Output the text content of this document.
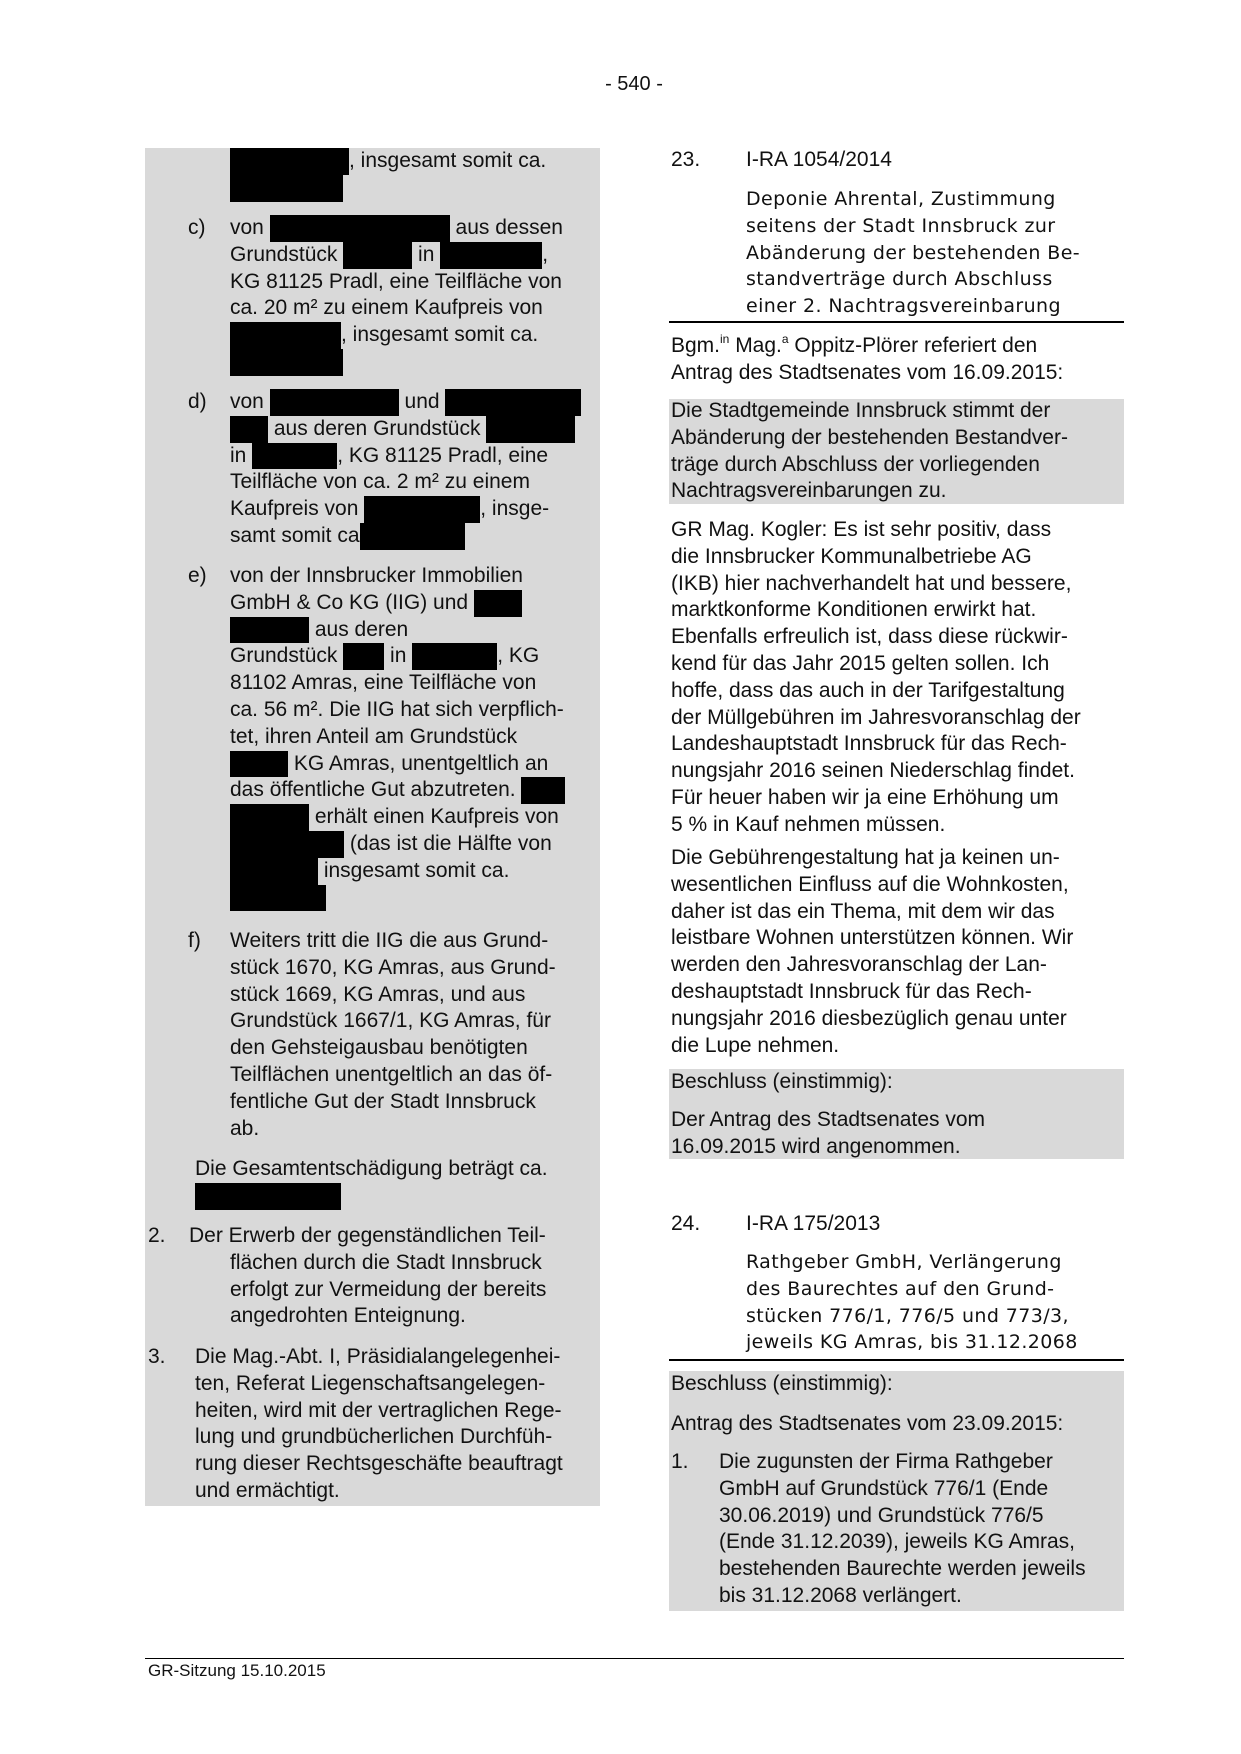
- 540 -
, insgesamt somit ca.
c) von	aus dessen
Grundstück	in	,
KG 81125 Pradl, eine Teilfläche von
ca. 20 m² zu einem Kaufpreis von
, insgesamt somit ca.
d) von	und
aus deren Grundstück
in	, KG 81125 Pradl, eine
Teilfläche von ca. 2 m² zu einem
Kaufpreis von	, insge-
samt somit ca
e) von der Innsbrucker Immobilien
GmbH & Co KG (IIG) und
aus deren
Grundstück  in	, KG
81102 Amras, eine Teilfläche von
ca. 56 m². Die IIG hat sich verpflich-
tet, ihren Anteil am Grundstück
KG Amras, unentgeltlich an
das öffentliche Gut abzutreten.
erhält einen Kaufpreis von
(das ist die Hälfte von
insgesamt somit ca.
f) Weiters tritt die IIG die aus Grund-
stück 1670, KG Amras, aus Grund-
stück 1669, KG Amras, und aus
Grundstück 1667/1, KG Amras, für
den Gehsteigausbau benötigten
Teilflächen unentgeltlich an das öf-
fentliche Gut der Stadt Innsbruck
ab.
Die Gesamtentschädigung beträgt ca.
2.	Der Erwerb der gegenständlichen Teil-
flächen durch die Stadt Innsbruck
erfolgt zur Vermeidung der bereits
angedrohten Enteignung.
3.	Die Mag.-Abt. I, Präsidialangelegenhei-
ten, Referat Liegenschaftsangelegen-
heiten, wird mit der vertraglichen Rege-
lung und grundbücherlichen Durchfüh-
rung dieser Rechtsgeschäfte beauftragt
und ermächtigt.
23. I-RA 1054/2014
Deponie Ahrental, Zustimmung
seitens der Stadt Innsbruck zur
Abänderung der bestehenden Be-
standverträge durch Abschluss
einer 2. Nachtragsvereinbarung
Bgm.$^{in}$ Mag.$^a$ Oppitz-Plörer referiert den
Antrag des Stadtsenates vom 16.09.2015:
Die Stadtgemeinde Innsbruck stimmt der
Abänderung der bestehenden Bestandver-
träge durch Abschluss der vorliegenden
Nachtragsvereinbarungen zu.
GR Mag. Kogler: Es ist sehr positiv, dass
die Innsbrucker Kommunalbetriebe AG
(IKB) hier nachverhandelt hat und bessere,
marktkonforme Konditionen erwirkt hat.
Ebenfalls erfreulich ist, dass diese rückwir-
kend für das Jahr 2015 gelten sollen. Ich
hoffe, dass das auch in der Tarifgestaltung
der Müllgebühren im Jahresvoranschlag der
Landeshauptstadt Innsbruck für das Rech-
nungsjahr 2016 seinen Niederschlag findet.
Für heuer haben wir ja eine Erhöhung um
5 % in Kauf nehmen müssen.
Die Gebührengestaltung hat ja keinen un-
wesentlichen Einfluss auf die Wohnkosten,
daher ist das ein Thema, mit dem wir das
leistbare Wohnen unterstützen können. Wir
werden den Jahresvoranschlag der Lan-
deshauptstadt Innsbruck für das Rech-
nungsjahr 2016 diesbezüglich genau unter
die Lupe nehmen.
Beschluss (einstimmig):
Der Antrag des Stadtsenates vom
16.09.2015 wird angenommen.
24. I-RA 175/2013
Rathgeber GmbH, Verlängerung
des Baurechtes auf den Grund-
stücken 776/1, 776/5 und 773/3,
jeweils KG Amras, bis 31.12.2068
Beschluss (einstimmig):
Antrag des Stadtsenates vom 23.09.2015:
1.	Die zugunsten der Firma Rathgeber
GmbH auf Grundstück 776/1 (Ende
30.06.2019) und Grundstück 776/5
(Ende 31.12.2039), jeweils KG Amras,
bestehenden Baurechte werden jeweils
bis 31.12.2068 verlängert.
GR-Sitzung 15.10.2015
